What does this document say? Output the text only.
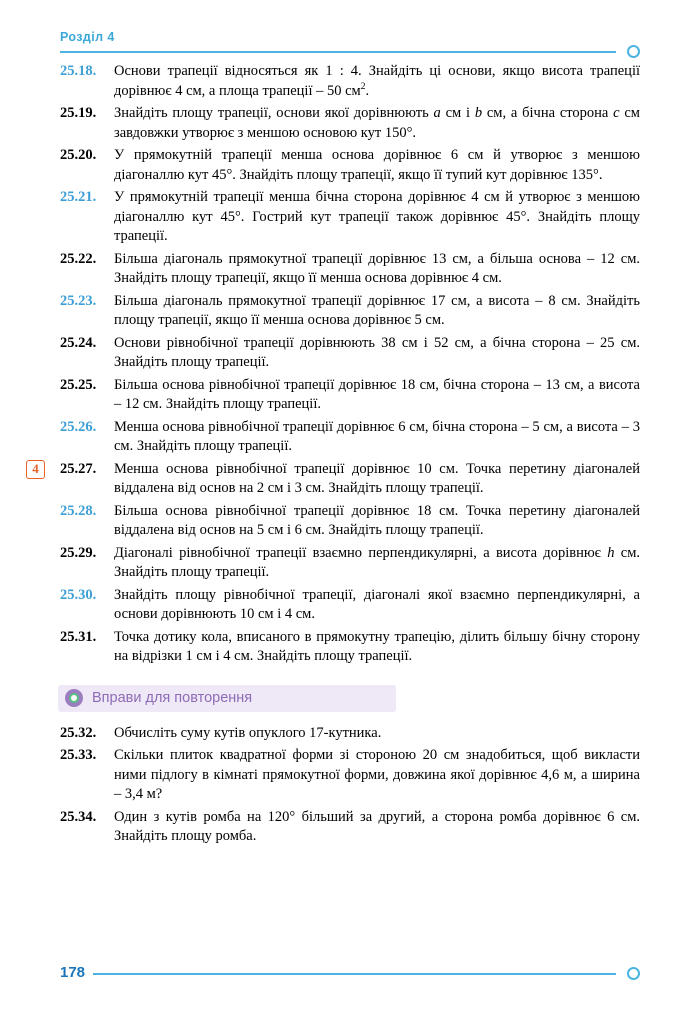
Розділ 4
25.18.	Основи трапеції відносяться як 1 : 4. Знайдіть ці основи, якщо висота трапеції дорівнює 4 см, а площа трапеції – 50 $см^2$.
25.19.	Знайдіть площу трапеції, основи якої дорівнюють a см і b см, а бічна сторона c см завдовжки утворює з меншою основою кут 150°.
25.20.	У прямокутній трапеції менша основа дорівнює 6 см й утворює з меншою діагоналлю кут 45°. Знайдіть площу трапеції, якщо її тупий кут дорівнює 135°.
25.21.	У прямокутній трапеції менша бічна сторона дорівнює 4 см й утворює з меншою діагоналлю кут 45°. Гострий кут трапеції також дорівнює 45°. Знайдіть площу трапеції.
25.22.	Більша діагональ прямокутної трапеції дорівнює 13 см, а більша основа – 12 см. Знайдіть площу трапеції, якщо її менша основа дорівнює 4 см.
25.23.	Більша діагональ прямокутної трапеції дорівнює 17 см, а висота – 8 см. Знайдіть площу трапеції, якщо її менша основа дорівнює 5 см.
25.24.	Основи рівнобічної трапеції дорівнюють 38 см і 52 см, а бічна сторона – 25 см. Знайдіть площу трапеції.
25.25.	Більша основа рівнобічної трапеції дорівнює 18 см, бічна сторона – 13 см, а висота – 12 см. Знайдіть площу трапеції.
25.26.	Менша основа рівнобічної трапеції дорівнює 6 см, бічна сторона – 5 см, а висота – 3 см. Знайдіть площу трапеції.
4	25.27.	Менша основа рівнобічної трапеції дорівнює 10 см. Точка перетину діагоналей віддалена від основ на 2 см і 3 см. Знайдіть площу трапеції.
25.28.	Більша основа рівнобічної трапеції дорівнює 18 см. Точка перетину діагоналей віддалена від основ на 5 см і 6 см. Знайдіть площу трапеції.
25.29.	Діагоналі рівнобічної трапеції взаємно перпендикулярні, а висота дорівнює h см. Знайдіть площу трапеції.
25.30.	Знайдіть площу рівнобічної трапеції, діагоналі якої взаємно перпендикулярні, а основи дорівнюють 10 см і 4 см.
25.31.	Точка дотику кола, вписаного в прямокутну трапецію, ділить більшу бічну сторону на відрізки 1 см і 4 см. Знайдіть площу трапеції.
Вправи для повторення
25.32.	Обчисліть суму кутів опуклого 17-кутника.
25.33.	Скільки плиток квадратної форми зі стороною 20 см знадобиться, щоб викласти ними підлогу в кімнаті прямокутної форми, довжина якої дорівнює 4,6 м, а ширина – 3,4 м?
25.34.	Один з кутів ромба на 120° більший за другий, а сторона ромба дорівнює 6 см. Знайдіть площу ромба.
178
